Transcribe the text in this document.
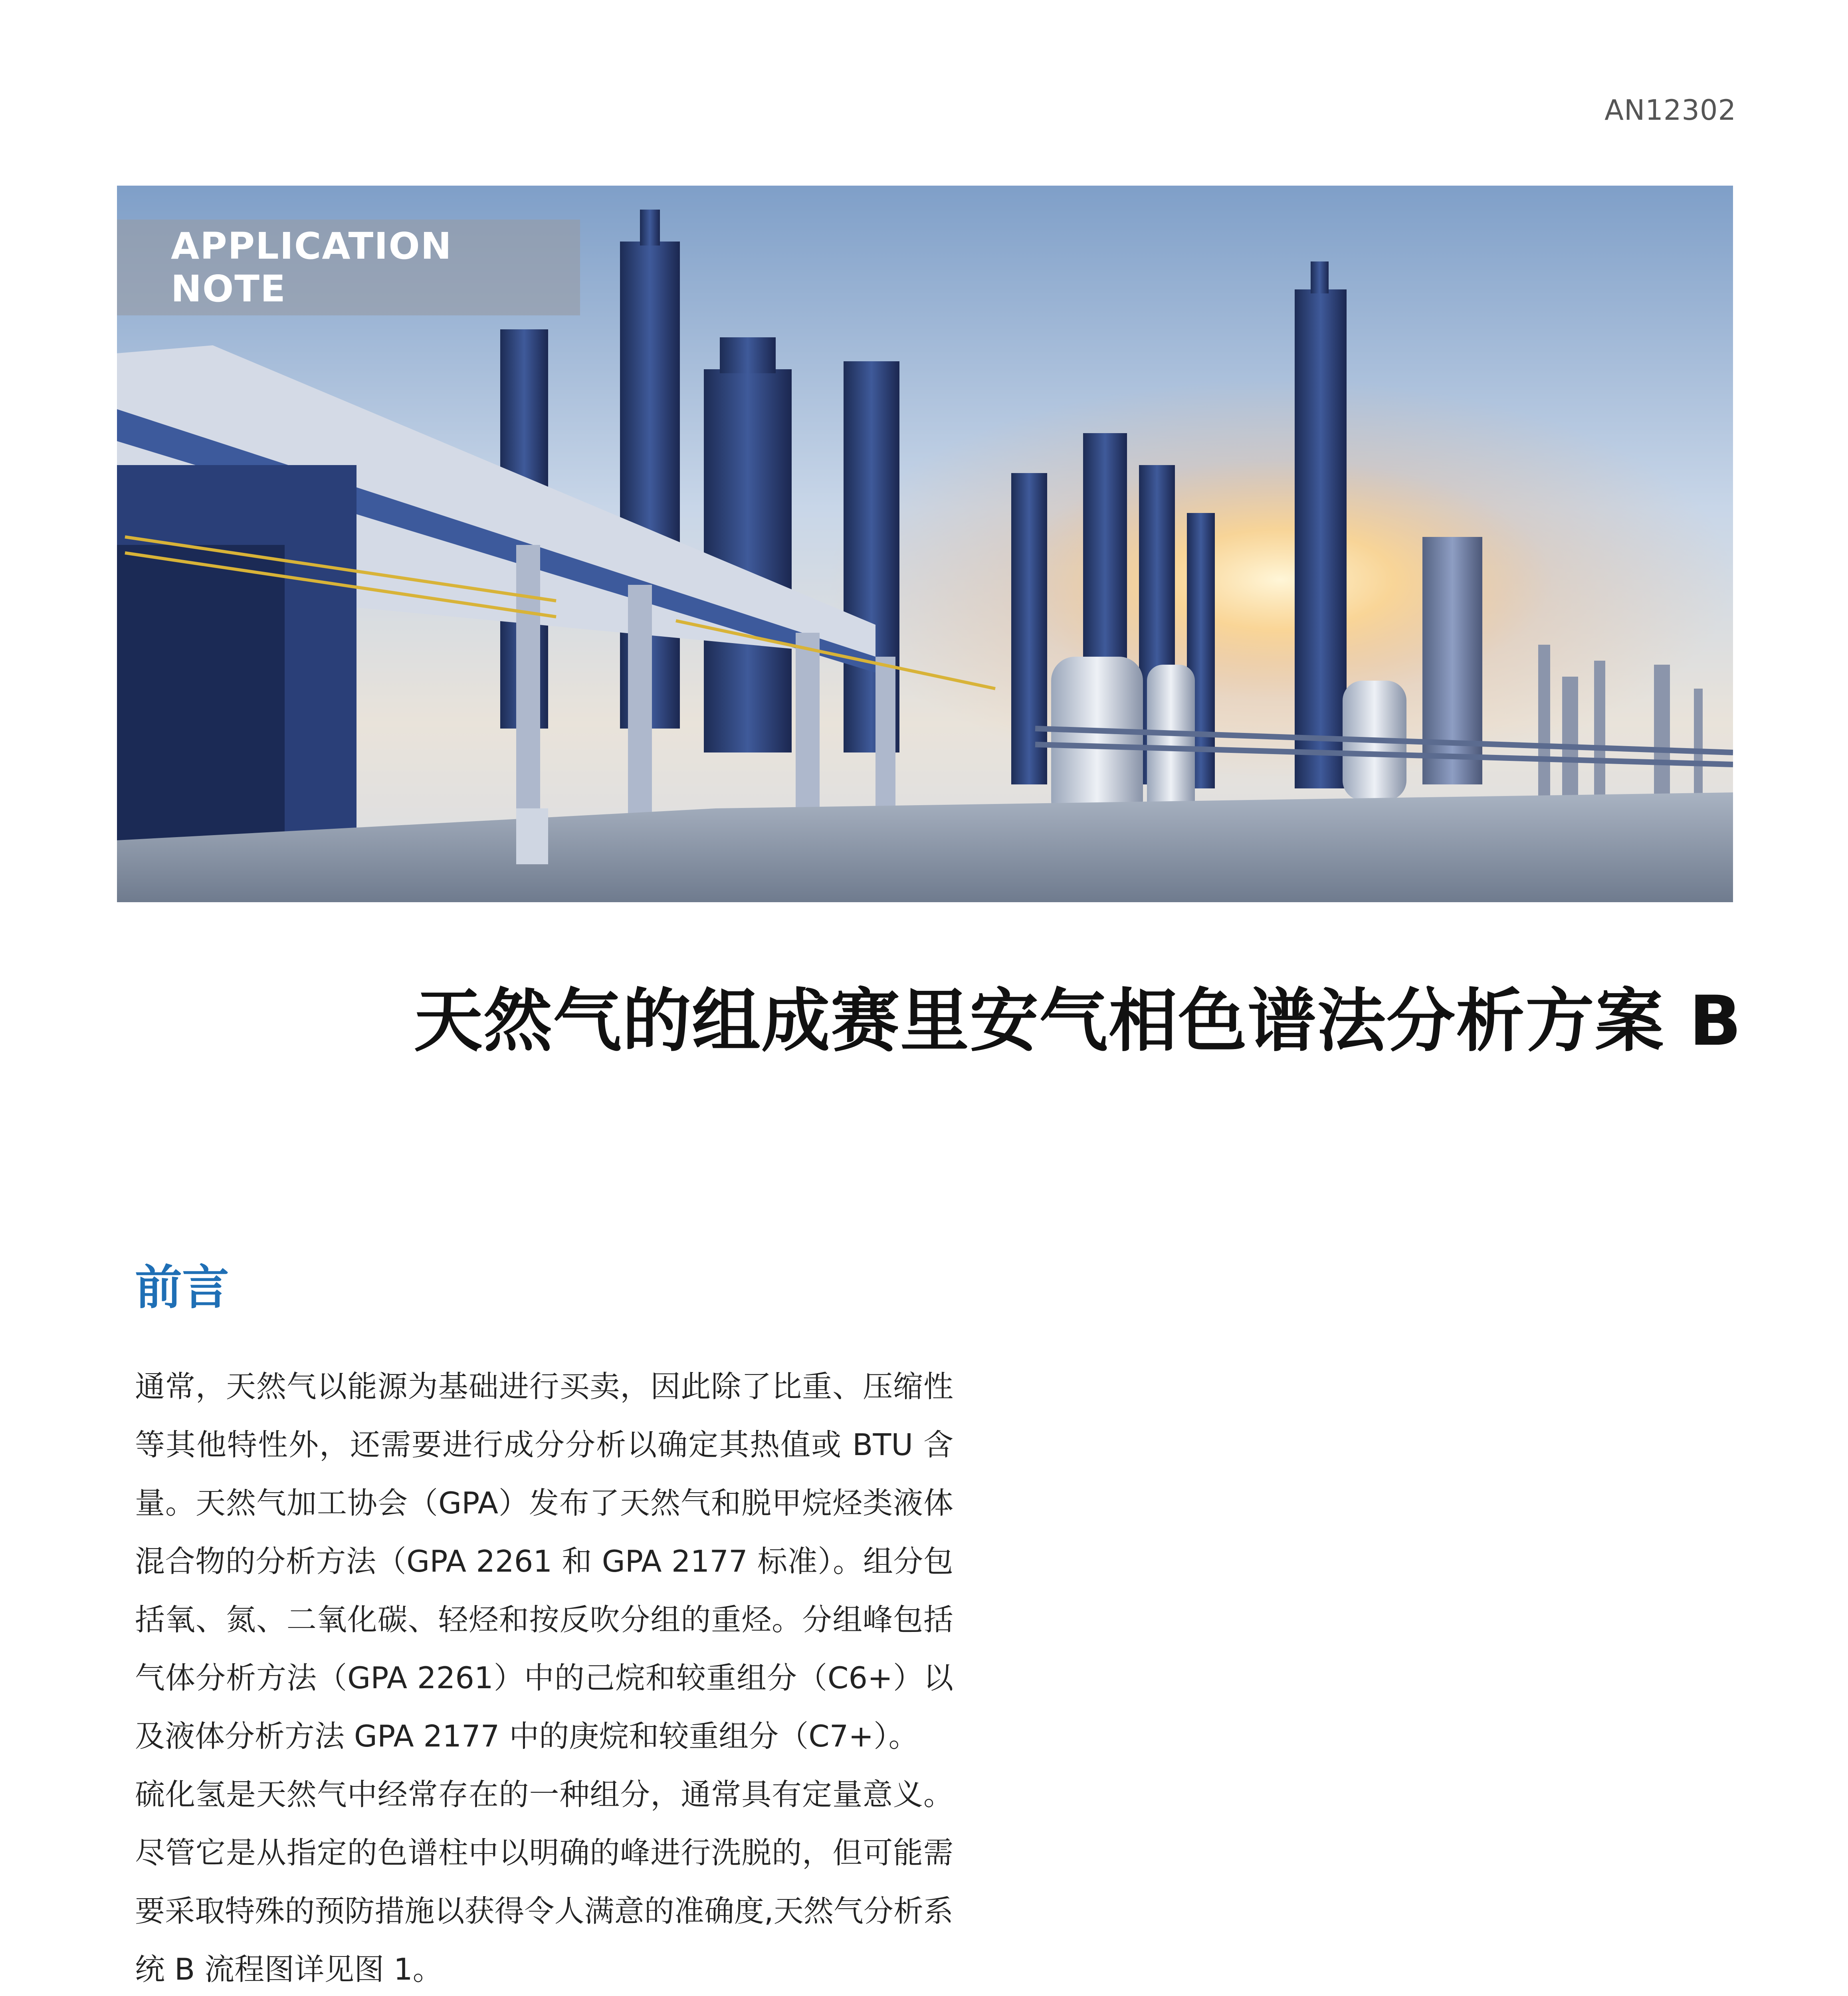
AN12302
APPLICATION NOTE
天然气的组成赛里安气相色谱法分析方案 B
前言

通常，天然气以能源为基础进行买卖，因此除了比重、压缩性等其他特性外，还需要进行成分分析以确定其热值或 BTU 含量。天然气加工协会（GPA）发布了天然气和脱甲烷烃类液体混合物的分析方法（GPA 2261 和 GPA 2177 标准）。组分包括氧、氮、二氧化碳、轻烃和按反吹分组的重烃。分组峰包括气体分析方法（GPA 2261）中的己烷和较重组分（C6+）以及液体分析方法 GPA 2177 中的庚烷和较重组分（C7+）。

硫化氢是天然气中经常存在的一种组分，通常具有定量意义。尽管它是从指定的色谱柱中以明确的峰进行洗脱的，但可能需要采取特殊的预防措施以获得令人满意的准确度,天然气分析系统 B 流程图详见图 1。
